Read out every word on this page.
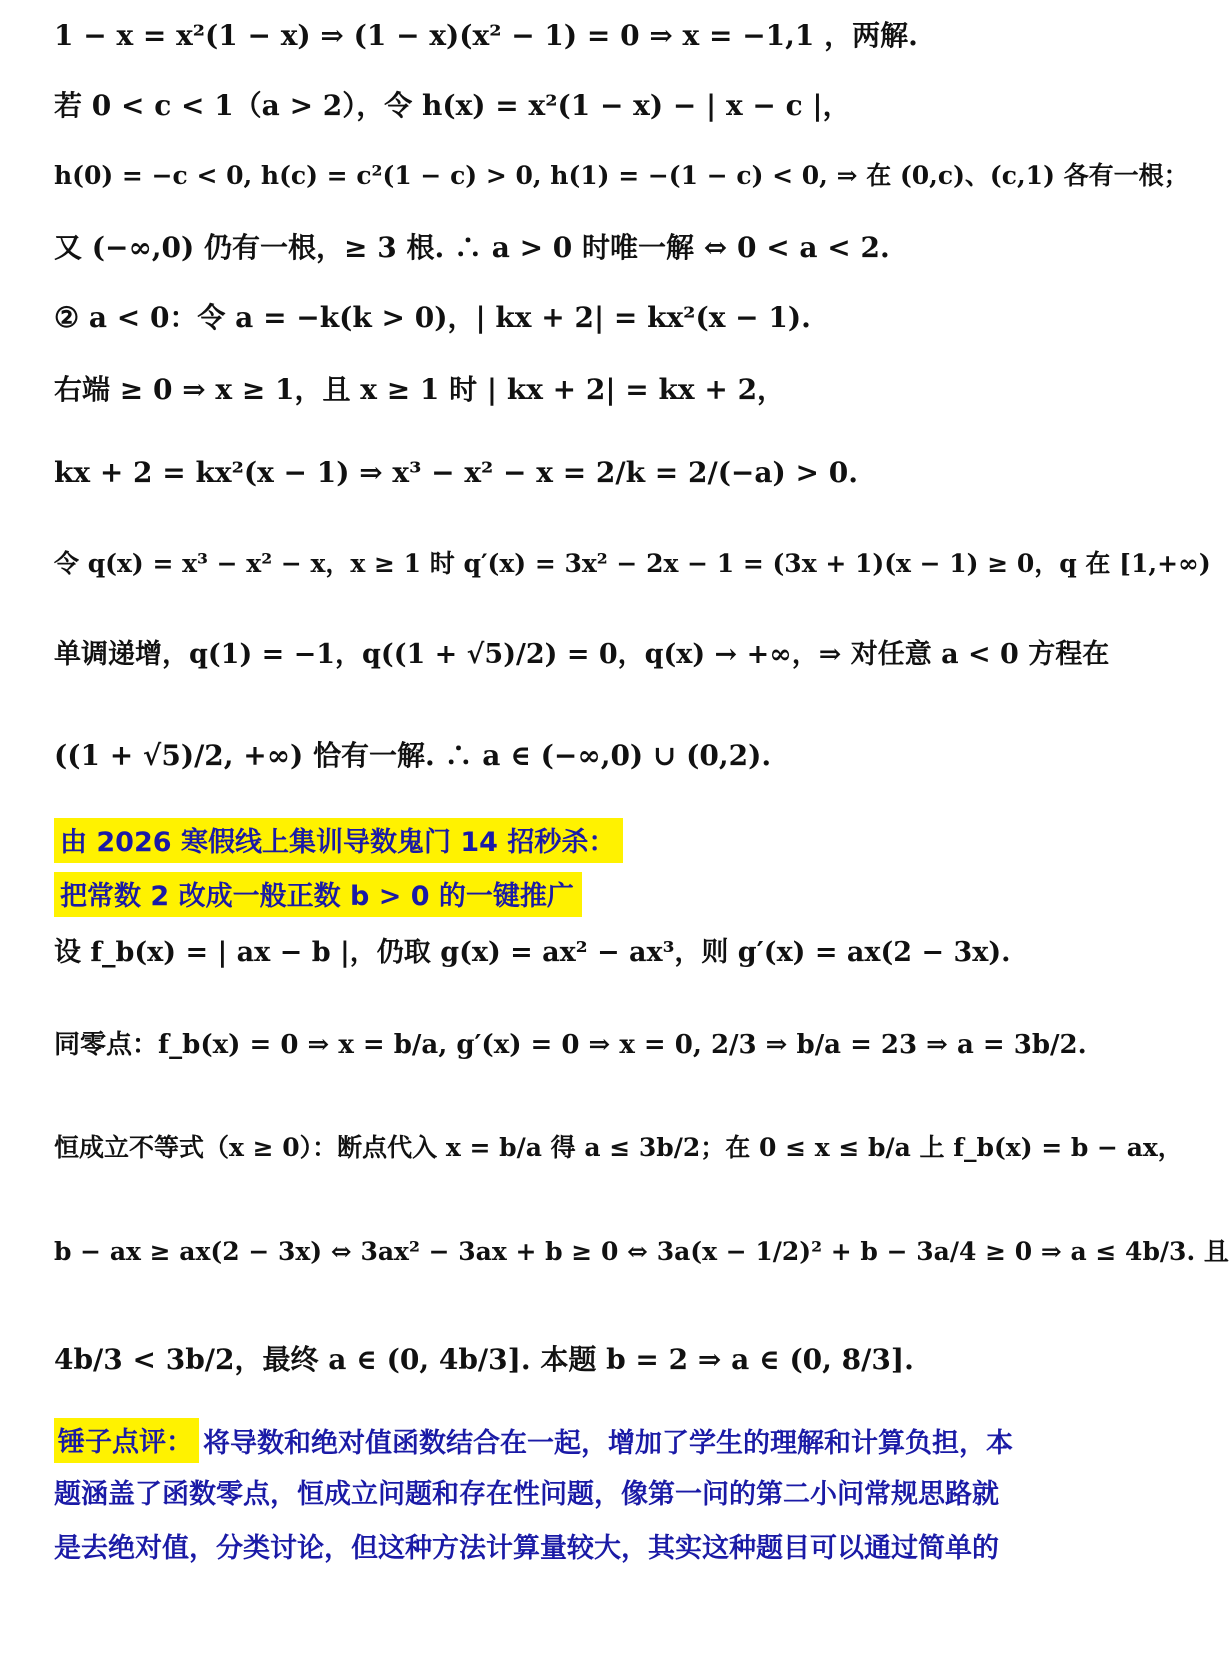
1 − x = x²(1 − x) ⇒ (1 − x)(x² − 1) = 0 ⇒ x = −1,1 ，两解.
若 0 < c < 1（a > 2），令 h(x) = x²(1 − x) − | x − c |，
h(0) = −c < 0, h(c) = c²(1 − c) > 0, h(1) = −(1 − c) < 0, ⇒ 在 (0,c)、(c,1) 各有一根；
又 (−∞,0) 仍有一根，≥ 3 根. ∴ a > 0 时唯一解 ⇔ 0 < a < 2.
② a < 0：令 a = −k(k > 0)，| kx + 2| = kx²(x − 1).
右端 ≥ 0 ⇒ x ≥ 1，且 x ≥ 1 时 | kx + 2| = kx + 2，
kx + 2 = kx²(x − 1) ⇒ x³ − x² − x = 2/k = 2/(−a) > 0.
令 q(x) = x³ − x² − x，x ≥ 1 时 q′(x) = 3x² − 2x − 1 = (3x + 1)(x − 1) ≥ 0，q 在 [1,+∞)
单调递增，q(1) = −1，q((1 + √5)/2) = 0，q(x) → +∞，⇒ 对任意 a < 0 方程在
((1 + √5)/2, +∞) 恰有一解. ∴ a ∈ (−∞,0) ∪ (0,2).
由 2026 寒假线上集训导数鬼门 14 招秒杀：
把常数 2 改成一般正数 b > 0 的一键推广
设 f_b(x) = | ax − b |，仍取 g(x) = ax² − ax³，则 g′(x) = ax(2 − 3x).
同零点：f_b(x) = 0 ⇒ x = b/a, g′(x) = 0 ⇒ x = 0, 2/3 ⇒ b/a = 23 ⇒ a = 3b/2.
恒成立不等式（x ≥ 0）：断点代入 x = b/a 得 a ≤ 3b/2；在 0 ≤ x ≤ b/a 上 f_b(x) = b − ax，
b − ax ≥ ax(2 − 3x) ⇔ 3ax² − 3ax + b ≥ 0 ⇔ 3a(x − 1/2)² + b − 3a/4 ≥ 0 ⇒ a ≤ 4b/3. 且
4b/3 < 3b/2，最终 a ∈ (0, 4b/3]. 本题 b = 2 ⇒ a ∈ (0, 8/3].
锤子点评： 将导数和绝对值函数结合在一起，增加了学生的理解和计算负担，本
题涵盖了函数零点，恒成立问题和存在性问题，像第一问的第二小问常规思路就
是去绝对值，分类讨论，但这种方法计算量较大，其实这种题目可以通过简单的
